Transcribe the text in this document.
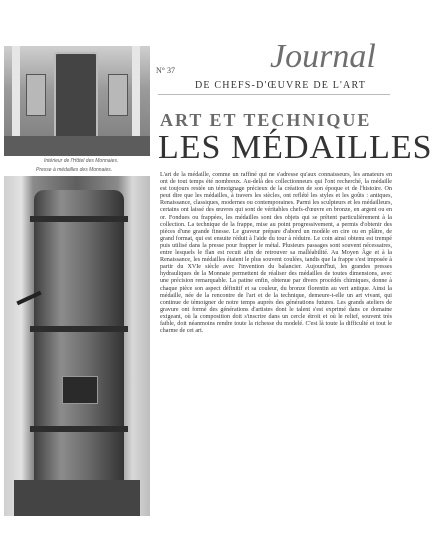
Intérieur de l'Hôtel des Monnaies.
Presse à médailles des Monnaies.
N° 37	Journal
DE CHEFS-D'ŒUVRE DE L'ART
ART ET TECHNIQUE
LES MÉDAILLES

L'art de la médaille, comme un raffiné qui ne s'adresse qu'aux connaisseurs, les amateurs en ont de tout temps été nombreux. Au-delà des collectionneurs qui l'ont recherché, la médaille est toujours restée un témoignage précieux de la création de son époque et de l'histoire. On peut dire que les médailles, à travers les siècles, ont reflété les styles et les goûts : antiques, Renaissance, classiques, modernes ou contemporaines. Parmi les sculpteurs et les médailleurs, certains ont laissé des œuvres qui sont de véritables chefs-d'œuvre en bronze, en argent ou en or. Fondues ou frappées, les médailles sont des objets qui se prêtent particulièrement à la collection. La technique de la frappe, mise au point progressivement, a permis d'obtenir des pièces d'une grande finesse. Le graveur prépare d'abord un modèle en cire ou en plâtre, de grand format, qui est ensuite réduit à l'aide du tour à réduire. Le coin ainsi obtenu est trempé puis utilisé dans la presse pour frapper le métal. Plusieurs passages sont souvent nécessaires, entre lesquels le flan est recuit afin de retrouver sa malléabilité. Au Moyen Âge et à la Renaissance, les médailles étaient le plus souvent coulées, tandis que la frappe s'est imposée à partir du XVIe siècle avec l'invention du balancier. Aujourd'hui, les grandes presses hydrauliques de la Monnaie permettent de réaliser des médailles de toutes dimensions, avec une précision remarquable. La patine enfin, obtenue par divers procédés chimiques, donne à chaque pièce son aspect définitif et sa couleur, du bronze florentin au vert antique. Ainsi la médaille, née de la rencontre de l'art et de la technique, demeure-t-elle un art vivant, qui continue de témoigner de notre temps auprès des générations futures. Les grands ateliers de gravure ont formé des générations d'artistes dont le talent s'est exprimé dans ce domaine exigeant, où la composition doit s'inscrire dans un cercle étroit et où le relief, souvent très faible, doit néanmoins rendre toute la richesse du modelé. C'est là toute la difficulté et tout le charme de cet art.
